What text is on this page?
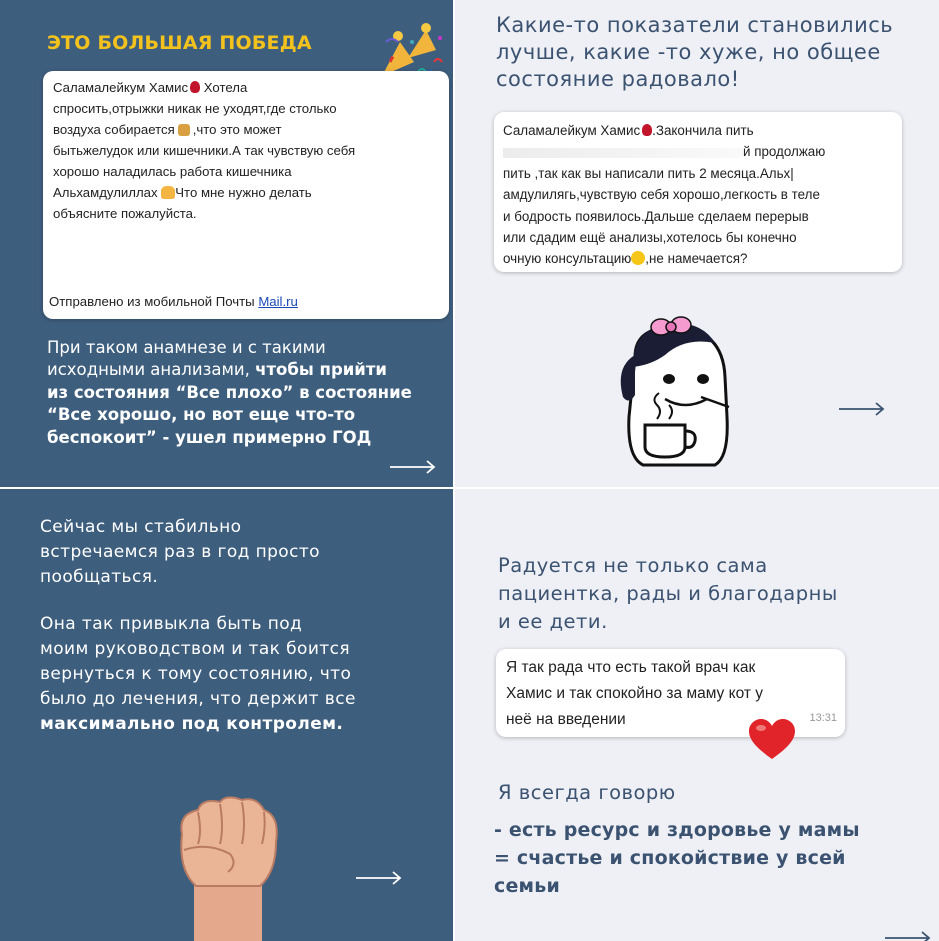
ЭТО БОЛЬШАЯ ПОБЕДА
Саламалейкум Хамис Хотела
спросить,отрыжки никак не уходят,где столько
воздуха собирается ,что это может
бытьжелудок или кишечники.А так чувствую себя
хорошо наладилась работа кишечника
Альхамдулиллах Что мне нужно делать
объясните пожалуйста.
Отправлено из мобильной Почты Mail.ru
При таком анамнезе и с такими
исходными анализами, чтобы прийти
из состояния “Все плохо” в состояние
“Все хорошо, но вот еще что-то
беспокоит” - ушел примерно ГОД
Какие-то показатели становились
лучше, какие -то хуже, но общее
состояние радовало!
Саламалейкум Хамис .Закончила пить
й продолжаю
пить ,так как вы написали пить 2 месяца.Альх|
амдулилягь,чувствую себя хорошо,легкость в теле
и бодрость появилось.Дальше сделаем перерыв
или сдадим ещё анализы,хотелось бы конечно
очную консультацию ,не намечается?
Сейчас мы стабильно
встречаемся раз в год просто
пообщаться.
Она так привыкла быть под
моим руководством и так боится
вернуться к тому состоянию, что
было до лечения, что держит все
максимально под контролем.
Радуется не только сама
пациентка, рады и благодарны
и ее дети.
Я так рада что есть такой врач как
Хамис и так спокойно за маму кот у
неё на введении	13:31
Я всегда говорю
- есть ресурс и здоровье у мамы
= счастье и спокойствие у всей
семьи
